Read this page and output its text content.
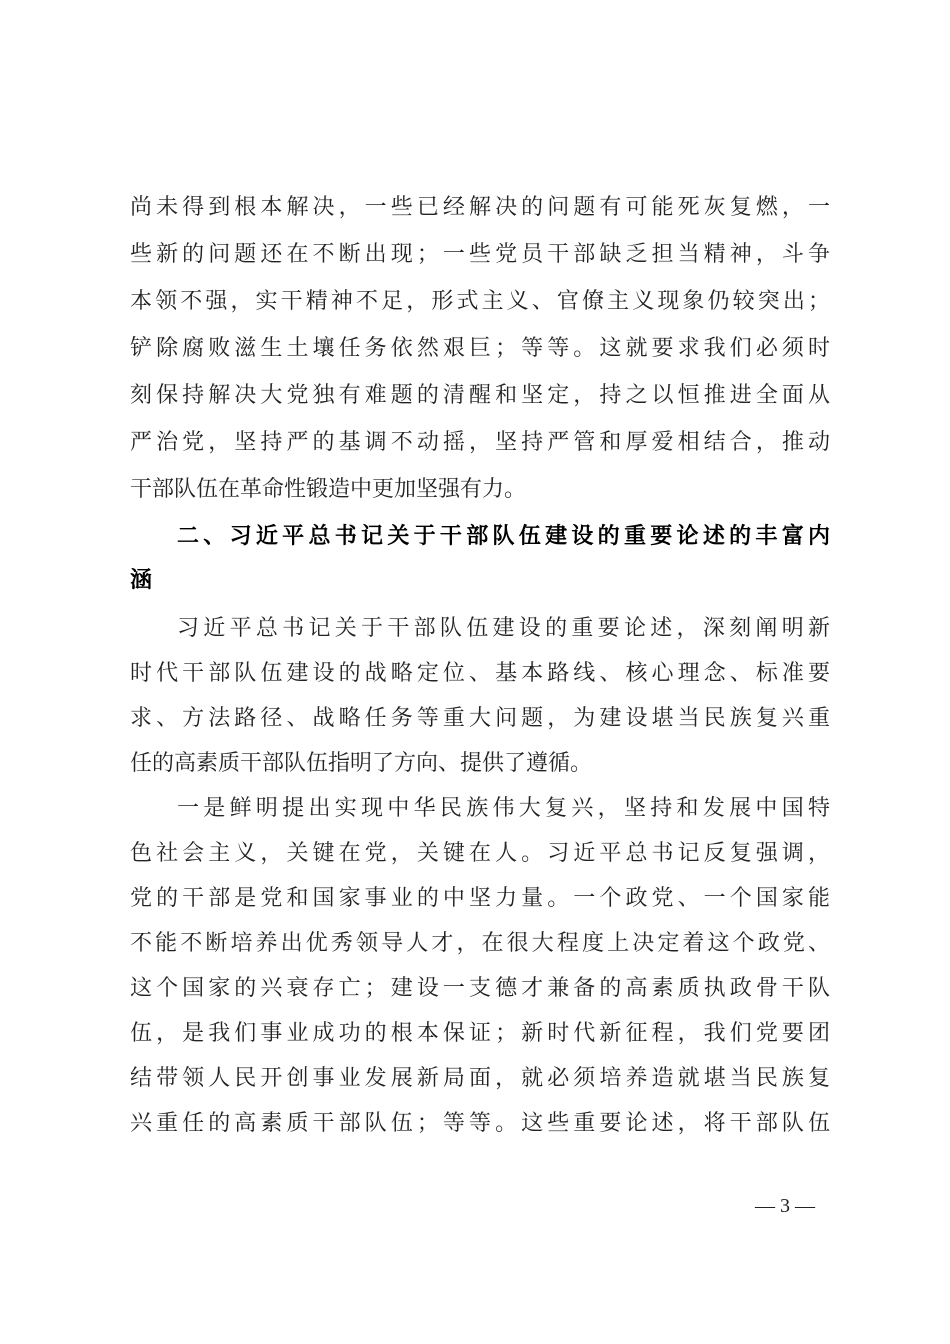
尚未得到根本解决，一些已经解决的问题有可能死灰复燃，一
些新的问题还在不断出现；一些党员干部缺乏担当精神，斗争
本领不强，实干精神不足，形式主义、官僚主义现象仍较突出；
铲除腐败滋生土壤任务依然艰巨；等等。这就要求我们必须时
刻保持解决大党独有难题的清醒和坚定，持之以恒推进全面从
严治党，坚持严的基调不动摇，坚持严管和厚爱相结合，推动
干部队伍在革命性锻造中更加坚强有力。
二、习近平总书记关于干部队伍建设的重要论述的丰富内
涵
习近平总书记关于干部队伍建设的重要论述，深刻阐明新
时代干部队伍建设的战略定位、基本路线、核心理念、标准要
求、方法路径、战略任务等重大问题，为建设堪当民族复兴重
任的高素质干部队伍指明了方向、提供了遵循。
一是鲜明提出实现中华民族伟大复兴，坚持和发展中国特
色社会主义，关键在党，关键在人。习近平总书记反复强调，
党的干部是党和国家事业的中坚力量。一个政党、一个国家能
不能不断培养出优秀领导人才，在很大程度上决定着这个政党、
这个国家的兴衰存亡；建设一支德才兼备的高素质执政骨干队
伍，是我们事业成功的根本保证；新时代新征程，我们党要团
结带领人民开创事业发展新局面，就必须培养造就堪当民族复
兴重任的高素质干部队伍；等等。这些重要论述，将干部队伍
— 3 —
